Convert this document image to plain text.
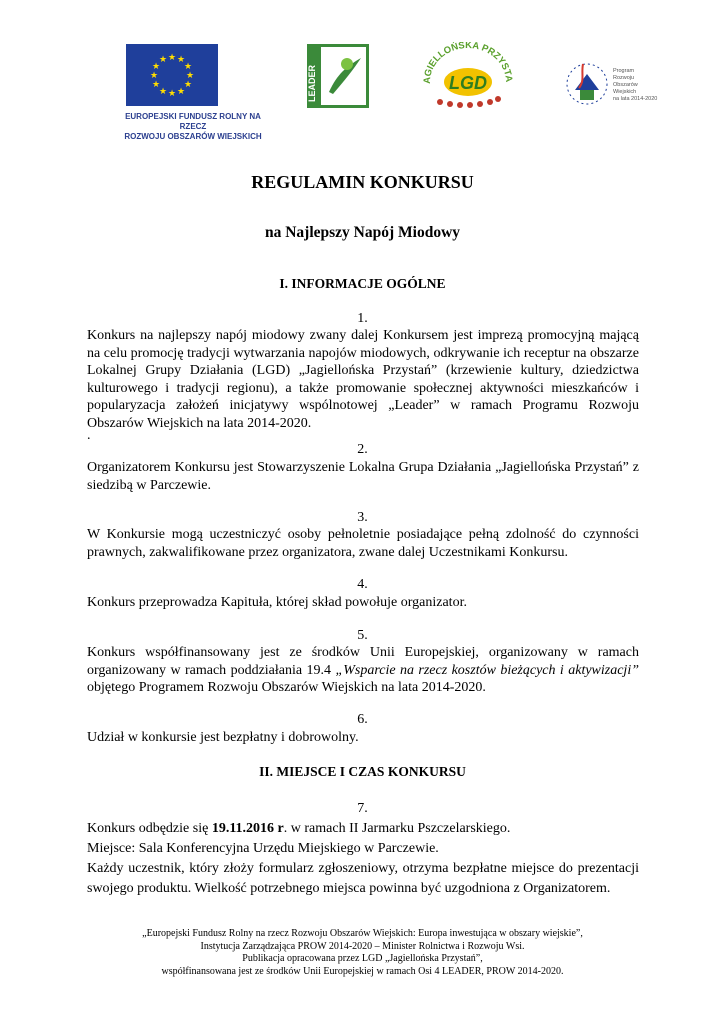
★ ★
★
★
★
★
★
★
★
★
★
★
EUROPEJSKI FUNDUSZ ROLNY NA RZECZ
ROZWOJU OBSZARÓW WIEJSKICH
LEADER	AGIELLOŃSKA PRZYSTA
LGD
Program
Rozwoju
Obszarów
Wiejskich
na lata 2014-2020
REGULAMIN KONKURSU
na Najlepszy Napój Miodowy
I. INFORMACJE OGÓLNE
1.
Konkurs na najlepszy napój miodowy zwany dalej Konkursem jest imprezą promocyjną mającą na celu promocję tradycji wytwarzania napojów miodowych, odkrywanie ich receptur na obszarze Lokalnej Grupy Działania (LGD) „Jagiellońska Przystań” (krzewienie kultury, dziedzictwa kulturowego i tradycji regionu), a także promowanie społecznej aktywności mieszkańców i popularyzacja założeń inicjatywy wspólnotowej „Leader” w ramach Programu Rozwoju Obszarów Wiejskich na lata 2014-2020.
.
2.
Organizatorem Konkursu jest Stowarzyszenie Lokalna Grupa Działania „Jagiellońska Przystań” z siedzibą w Parczewie.
3.
W Konkursie mogą uczestniczyć osoby pełnoletnie posiadające pełną zdolność do czynności prawnych, zakwalifikowane przez organizatora, zwane dalej Uczestnikami Konkursu.
4.
Konkurs przeprowadza Kapituła, której skład powołuje organizator.
5.
Konkurs współfinansowany jest ze środków Unii Europejskiej, organizowany w ramach organizowany w ramach poddziałania 19.4 „Wsparcie na rzecz kosztów bieżących i aktywizacji” objętego Programem Rozwoju Obszarów Wiejskich na lata 2014-2020.
6.
Udział w konkursie jest bezpłatny i dobrowolny.
II. MIEJSCE I CZAS KONKURSU
7.
Konkurs odbędzie się 19.11.2016 r. w ramach II Jarmarku Pszczelarskiego.
Miejsce: Sala Konferencyjna Urzędu Miejskiego w Parczewie.
Każdy uczestnik, który złoży formularz zgłoszeniowy, otrzyma bezpłatne miejsce do prezentacji swojego produktu. Wielkość potrzebnego miejsca powinna być uzgodniona z Organizatorem.
„Europejski Fundusz Rolny na rzecz Rozwoju Obszarów Wiejskich: Europa inwestująca w obszary wiejskie”,
Instytucja Zarządzająca PROW 2014-2020 – Minister Rolnictwa i Rozwoju Wsi.
Publikacja opracowana przez LGD „Jagiellońska Przystań”,
współfinansowana jest ze środków Unii Europejskiej w ramach Osi 4 LEADER, PROW 2014-2020.
